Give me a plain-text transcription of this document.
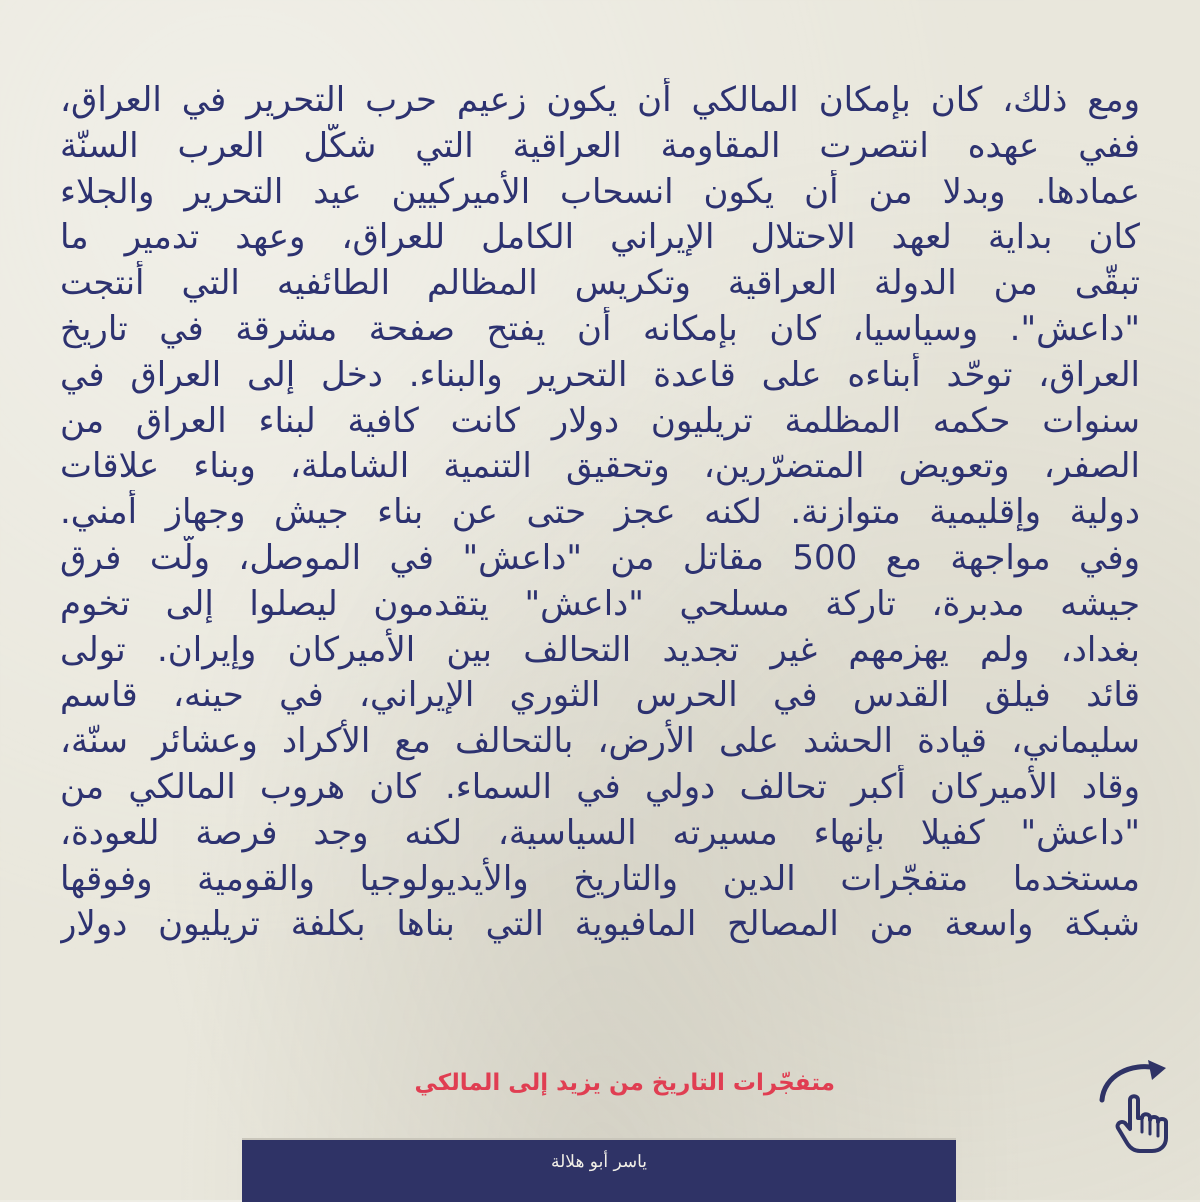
ومع ذلك، كان بإمكان المالكي أن يكون زعيم حرب التحرير في العراق،
ففي عهده انتصرت المقاومة العراقية التي شكّل العرب السنّة
عمادها. وبدلا من أن يكون انسحاب الأميركيين عيد التحرير والجلاء
كان بداية لعهد الاحتلال الإيراني الكامل للعراق، وعهد تدمير ما
تبقّى من الدولة العراقية وتكريس المظالم الطائفيه التي أنتجت
"داعش". وسياسيا، كان بإمكانه أن يفتح صفحة مشرقة في تاريخ
العراق، توحّد أبناءه على قاعدة التحرير والبناء. دخل إلى العراق في
سنوات حكمه المظلمة تريليون دولار كانت كافية لبناء العراق من
الصفر، وتعويض المتضرّرين، وتحقيق التنمية الشاملة، وبناء علاقات
دولية وإقليمية متوازنة. لكنه عجز حتى عن بناء جيش وجهاز أمني.
وفي مواجهة مع 500 مقاتل من "داعش" في الموصل، ولّت فرق
جيشه مدبرة، تاركة مسلحي "داعش" يتقدمون ليصلوا إلى تخوم
بغداد، ولم يهزمهم غير تجديد التحالف بين الأميركان وإيران. تولى
قائد فيلق القدس في الحرس الثوري الإيراني، في حينه، قاسم
سليماني، قيادة الحشد على الأرض، بالتحالف مع الأكراد وعشائر سنّة،
وقاد الأميركان أكبر تحالف دولي في السماء. كان هروب المالكي من
"داعش" كفيلا بإنهاء مسيرته السياسية، لكنه وجد فرصة للعودة،
مستخدما متفجّرات الدين والتاريخ والأيديولوجيا والقومية وفوقها
شبكة واسعة من المصالح المافيوية التي بناها بكلفة تريليون دولار
متفجّرات التاريخ من يزيد إلى المالكي
ياسر أبو هلالة
